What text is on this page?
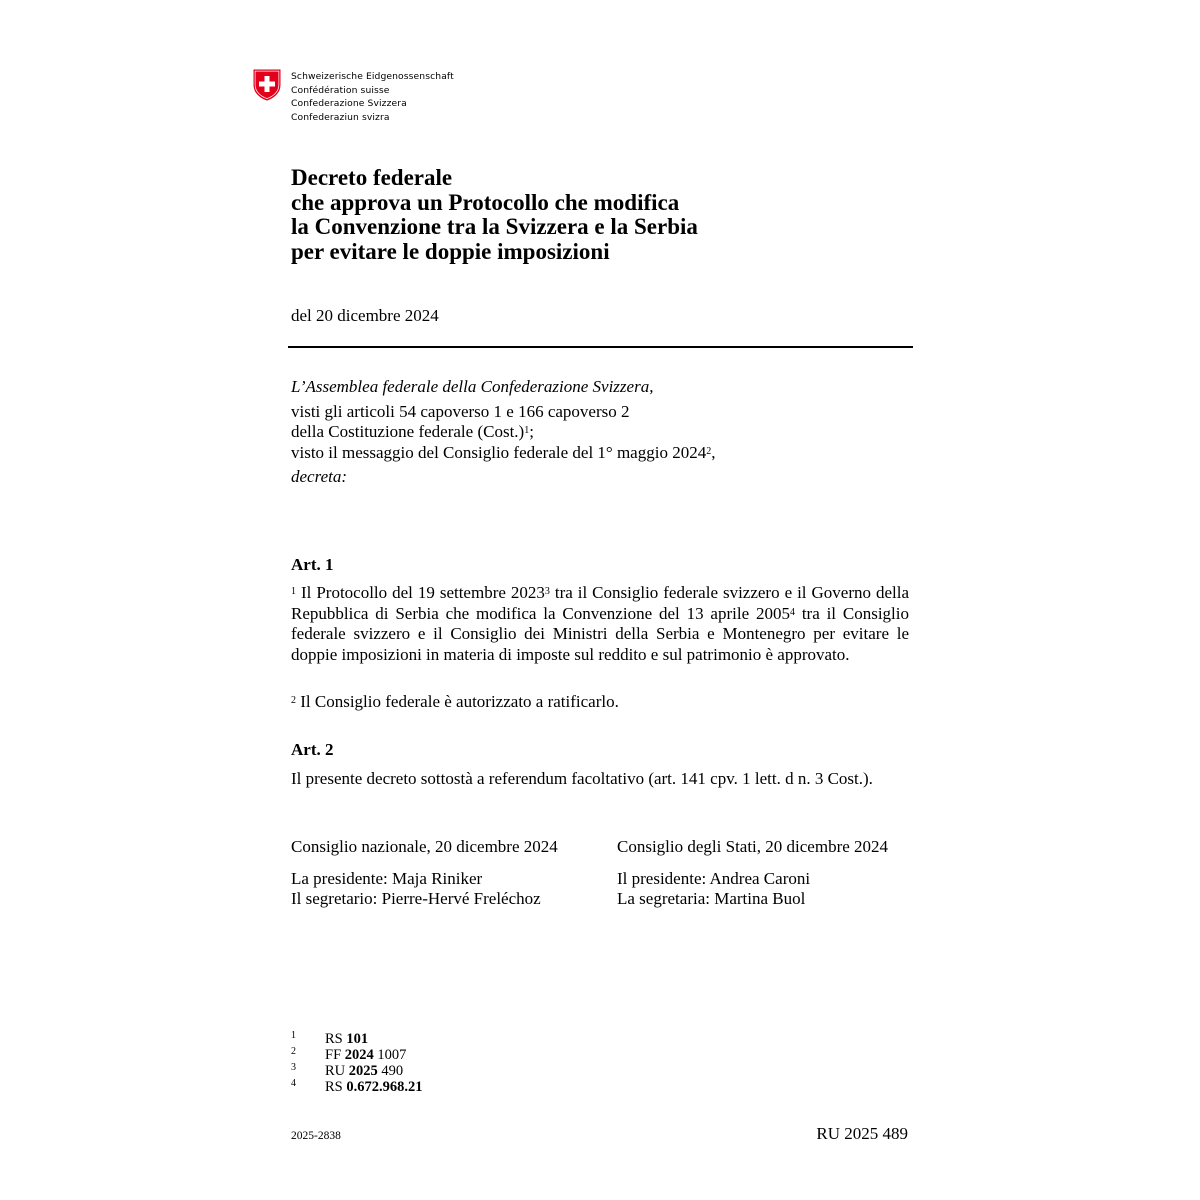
Schweizerische Eidgenossenschaft
Confédération suisse
Confederazione Svizzera
Confederaziun svizra
Decreto federale
che approva un Protocollo che modifica
la Convenzione tra la Svizzera e la Serbia
per evitare le doppie imposizioni
del 20 dicembre 2024
L’Assemblea federale della Confederazione Svizzera,
visti gli articoli 54 capoverso 1 e 166 capoverso 2
della Costituzione federale (Cost.)$^1$;
visto il messaggio del Consiglio federale del 1° maggio 2024$^2$,
decreta:
Art. 1
$^1$ Il Protocollo del 19 settembre 2023$^3$ tra il Consiglio federale svizzero e il Governo della Repubblica di Serbia che modifica la Convenzione del 13 aprile 2005$^4$ tra il Consiglio federale svizzero e il Consiglio dei Ministri della Serbia e Montenegro per evitare le doppie imposizioni in materia di imposte sul reddito e sul patrimonio è approvato.
$^2$ Il Consiglio federale è autorizzato a ratificarlo.
Art. 2
Il presente decreto sottostà a referendum facoltativo (art. 141 cpv. 1 lett. d n. 3 Cost.).
Consiglio nazionale, 20 dicembre 2024
La presidente: Maja Riniker
Il segretario: Pierre-Hervé Freléchoz
Consiglio degli Stati, 20 dicembre 2024
Il presidente: Andrea Caroni
La segretaria: Martina Buol
1	RS 101
2	FF 2024 1007
3	RU 2025 490
4	RS 0.672.968.21
2025-2838	RU 2025 489
